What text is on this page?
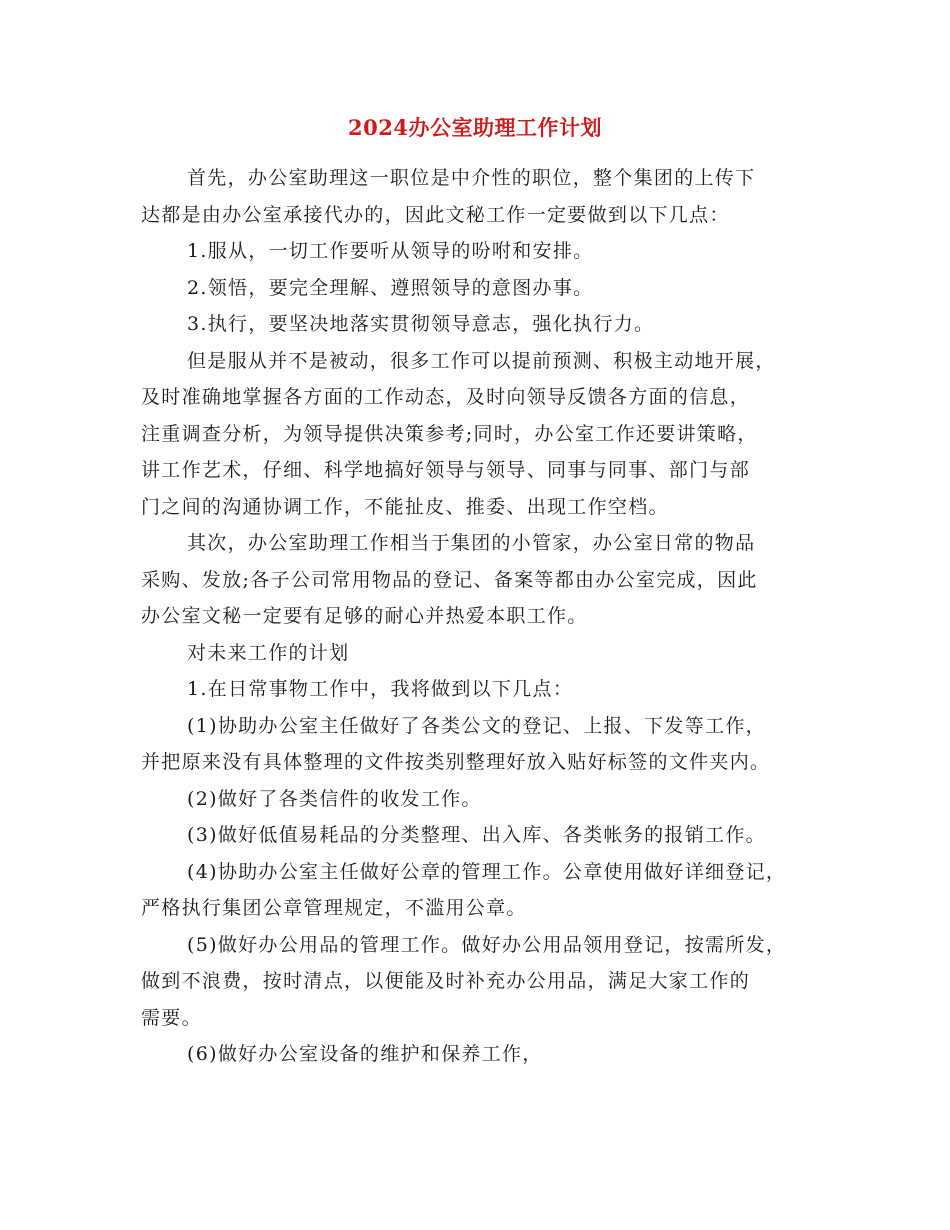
2024办公室助理工作计划
首先，办公室助理这一职位是中介性的职位，整个集团的上传下
达都是由办公室承接代办的，因此文秘工作一定要做到以下几点：
1.服从，一切工作要听从领导的吩咐和安排。
2.领悟，要完全理解、遵照领导的意图办事。
3.执行，要坚决地落实贯彻领导意志，强化执行力。
但是服从并不是被动，很多工作可以提前预测、积极主动地开展，
及时准确地掌握各方面的工作动态，及时向领导反馈各方面的信息，
注重调查分析，为领导提供决策参考;同时，办公室工作还要讲策略，
讲工作艺术，仔细、科学地搞好领导与领导、同事与同事、部门与部
门之间的沟通协调工作，不能扯皮、推委、出现工作空档。
其次，办公室助理工作相当于集团的小管家，办公室日常的物品
采购、发放;各子公司常用物品的登记、备案等都由办公室完成，因此
办公室文秘一定要有足够的耐心并热爱本职工作。
对未来工作的计划
1.在日常事物工作中，我将做到以下几点：
(1)协助办公室主任做好了各类公文的登记、上报、下发等工作，
并把原来没有具体整理的文件按类别整理好放入贴好标签的文件夹内。
(2)做好了各类信件的收发工作。
(3)做好低值易耗品的分类整理、出入库、各类帐务的报销工作。
(4)协助办公室主任做好公章的管理工作。公章使用做好详细登记，
严格执行集团公章管理规定，不滥用公章。
(5)做好办公用品的管理工作。做好办公用品领用登记，按需所发，
做到不浪费，按时清点，以便能及时补充办公用品，满足大家工作的
需要。
(6)做好办公室设备的维护和保养工作，
